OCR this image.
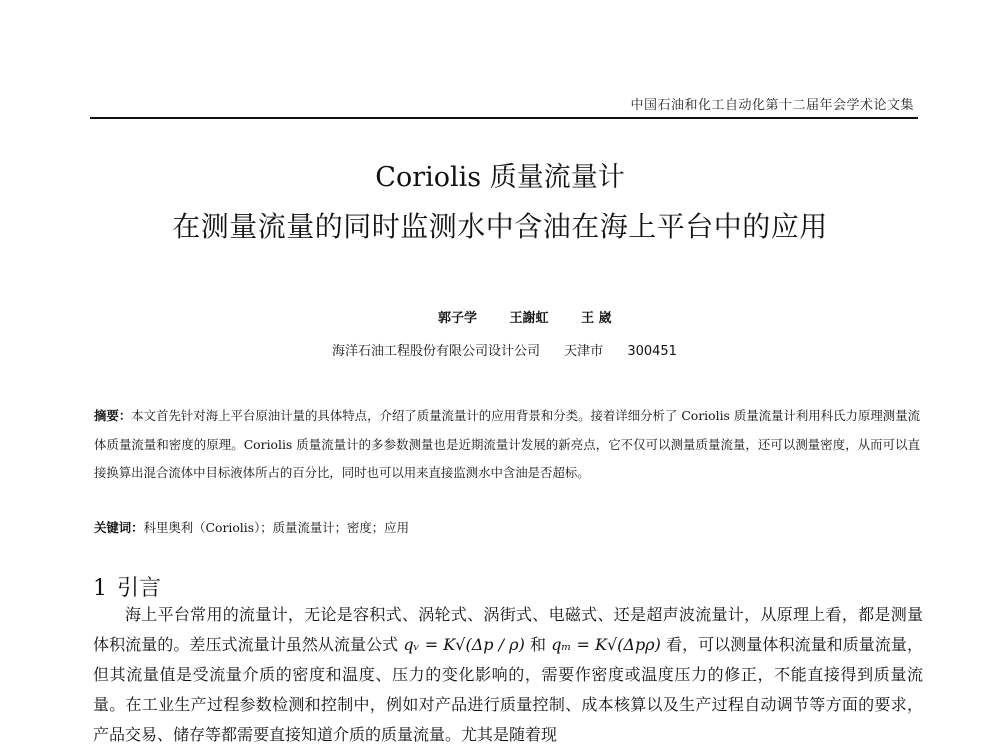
中国石油和化工自动化第十二届年会学术论文集
Coriolis 质量流量计
在测量流量的同时监测水中含油在海上平台中的应用
郭子学	王謝虹	王 崴
海洋石油工程股份有限公司设计公司 天津市 300451
摘要：本文首先针对海上平台原油计量的具体特点，介绍了质量流量计的应用背景和分类。接着详细分析了 Coriolis 质量流量计利用科氏力原理测量流体质量流量和密度的原理。Coriolis 质量流量计的多参数测量也是近期流量计发展的新亮点，它不仅可以测量质量流量，还可以测量密度，从而可以直接换算出混合流体中目标液体所占的百分比，同时也可以用来直接监测水中含油是否超标。
关键词：科里奥利（Coriolis）；质量流量计；密度；应用
1 引言
海上平台常用的流量计，无论是容积式、涡轮式、涡街式、电磁式、还是超声波流量计，从原理上看，都是测量体积流量的。差压式流量计虽然从流量公式 qᵥ = K√(Δp / ρ) 和 qₘ = K√(Δpρ) 看，可以测量体积流量和质量流量，但其流量值是受流量介质的密度和温度、压力的变化影响的，需要作密度或温度压力的修正，不能直接得到质量流量。在工业生产过程参数检测和控制中，例如对产品进行质量控制、成本核算以及生产过程自动调节等方面的要求，产品交易、储存等都需要直接知道介质的质量流量。尤其是随着现
